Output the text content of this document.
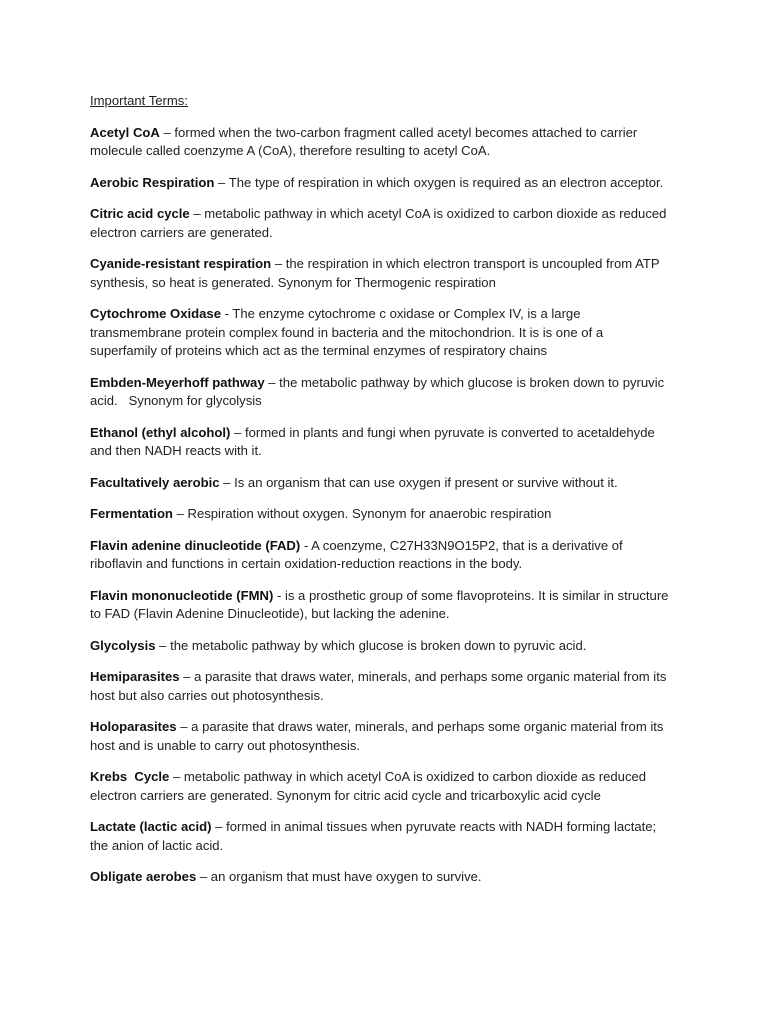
Important Terms:
Acetyl CoA – formed when the two-carbon fragment called acetyl becomes attached to carrier molecule called coenzyme A (CoA), therefore resulting to acetyl CoA.
Aerobic Respiration – The type of respiration in which oxygen is required as an electron acceptor.
Citric acid cycle – metabolic pathway in which acetyl CoA is oxidized to carbon dioxide as reduced electron carriers are generated.
Cyanide-resistant respiration – the respiration in which electron transport is uncoupled from ATP synthesis, so heat is generated. Synonym for Thermogenic respiration
Cytochrome Oxidase - The enzyme cytochrome c oxidase or Complex IV, is a large transmembrane protein complex found in bacteria and the mitochondrion. It is is one of a superfamily of proteins which act as the terminal enzymes of respiratory chains
Embden-Meyerhoff pathway – the metabolic pathway by which glucose is broken down to pyruvic acid.   Synonym for glycolysis
Ethanol (ethyl alcohol) – formed in plants and fungi when pyruvate is converted to acetaldehyde and then NADH reacts with it.
Facultatively aerobic – Is an organism that can use oxygen if present or survive without it.
Fermentation – Respiration without oxygen. Synonym for anaerobic respiration
Flavin adenine dinucleotide (FAD) - A coenzyme, C27H33N9O15P2, that is a derivative of riboflavin and functions in certain oxidation-reduction reactions in the body.
Flavin mononucleotide (FMN) - is a prosthetic group of some flavoproteins. It is similar in structure to FAD (Flavin Adenine Dinucleotide), but lacking the adenine.
Glycolysis – the metabolic pathway by which glucose is broken down to pyruvic acid.
Hemiparasites – a parasite that draws water, minerals, and perhaps some organic material from its host but also carries out photosynthesis.
Holoparasites – a parasite that draws water, minerals, and perhaps some organic material from its host and is unable to carry out photosynthesis.
Krebs  Cycle – metabolic pathway in which acetyl CoA is oxidized to carbon dioxide as reduced electron carriers are generated. Synonym for citric acid cycle and tricarboxylic acid cycle
Lactate (lactic acid) – formed in animal tissues when pyruvate reacts with NADH forming lactate; the anion of lactic acid.
Obligate aerobes – an organism that must have oxygen to survive.
